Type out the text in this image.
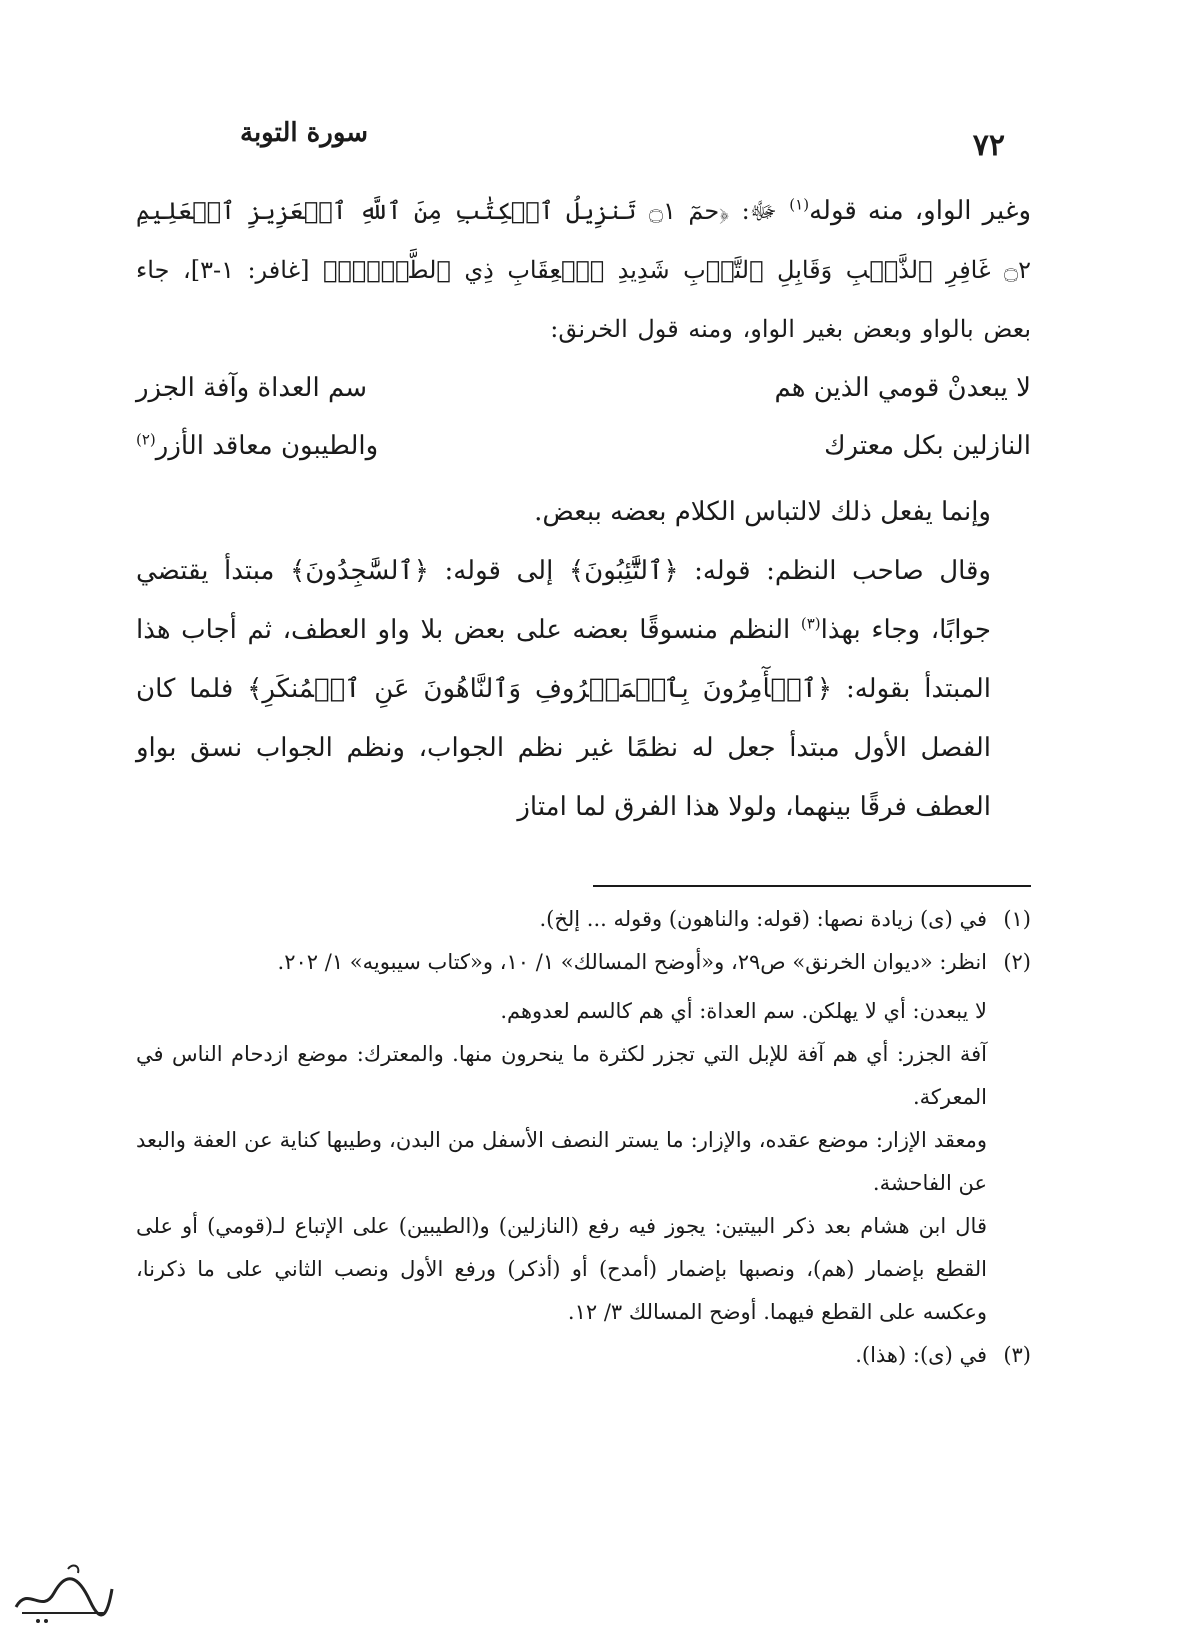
٧٢
سورة التوبة

وغير الواو، منه قوله$^{(١)}$ ﷻ: ﴿حمٓ ۝١ تَنزِيلُ ٱلۡكِتَٰبِ مِنَ ٱللَّهِ ٱلۡعَزِيزِ ٱلۡعَلِيمِ ۝٢ غَافِرِ ٱلذَّنۢبِ وَقَابِلِ ٱلتَّوۡبِ شَدِيدِ ٱلۡعِقَابِ ذِي ٱلطَّوۡلِۖ﴾ [غافر: ١-٣]، جاء بعض بالواو وبعض بغير الواو، ومنه قول الخرنق:

لا يبعدنْ قومي الذين هم
سم العداة وآفة الجزر
النازلين بكل معترك
والطيبون معاقد الأزر$^{(٢)}$

وإنما يفعل ذلك لالتباس الكلام بعضه ببعض.

وقال صاحب النظم: قوله: ﴿ٱلتَّٰٓئِبُونَ﴾ إلى قوله: ﴿ٱلسَّٰجِدُونَ﴾ مبتدأ يقتضي جوابًا، وجاء بهذا$^{(٣)}$ النظم منسوقًا بعضه على بعض بلا واو العطف، ثم أجاب هذا المبتدأ بقوله: ﴿ٱلۡأٓمِرُونَ بِٱلۡمَعۡرُوفِ وَٱلنَّاهُونَ عَنِ ٱلۡمُنكَرِ﴾ فلما كان الفصل الأول مبتدأ جعل له نظمًا غير نظم الجواب، ونظم الجواب نسق بواو العطف فرقًا بينهما، ولولا هذا الفرق لما امتاز

(١)في (ى) زيادة نصها: (قوله: والناهون) وقوله ... إلخ).

(٢)انظر: «ديوان الخرنق» ص٢٩، و«أوضح المسالك» ١/ ١٠، و«كتاب سيبويه» ١/ ٢٠٢.

لا يبعدن: أي لا يهلكن. سم العداة: أي هم كالسم لعدوهم.

آفة الجزر: أي هم آفة للإبل التي تجزر لكثرة ما ينحرون منها. والمعترك: موضع ازدحام الناس في المعركة.

ومعقد الإزار: موضع عقده، والإزار: ما يستر النصف الأسفل من البدن، وطيبها كناية عن العفة والبعد عن الفاحشة.

قال ابن هشام بعد ذكر البيتين: يجوز فيه رفع (النازلين) و(الطيبين) على الإتباع لـ(قومي) أو على القطع بإضمار (هم)، ونصبها بإضمار (أمدح) أو (أذكر) ورفع الأول ونصب الثاني على ما ذكرنا، وعكسه على القطع فيهما. أوضح المسالك ٣/ ١٢.

(٣)في (ى): (هذا).
